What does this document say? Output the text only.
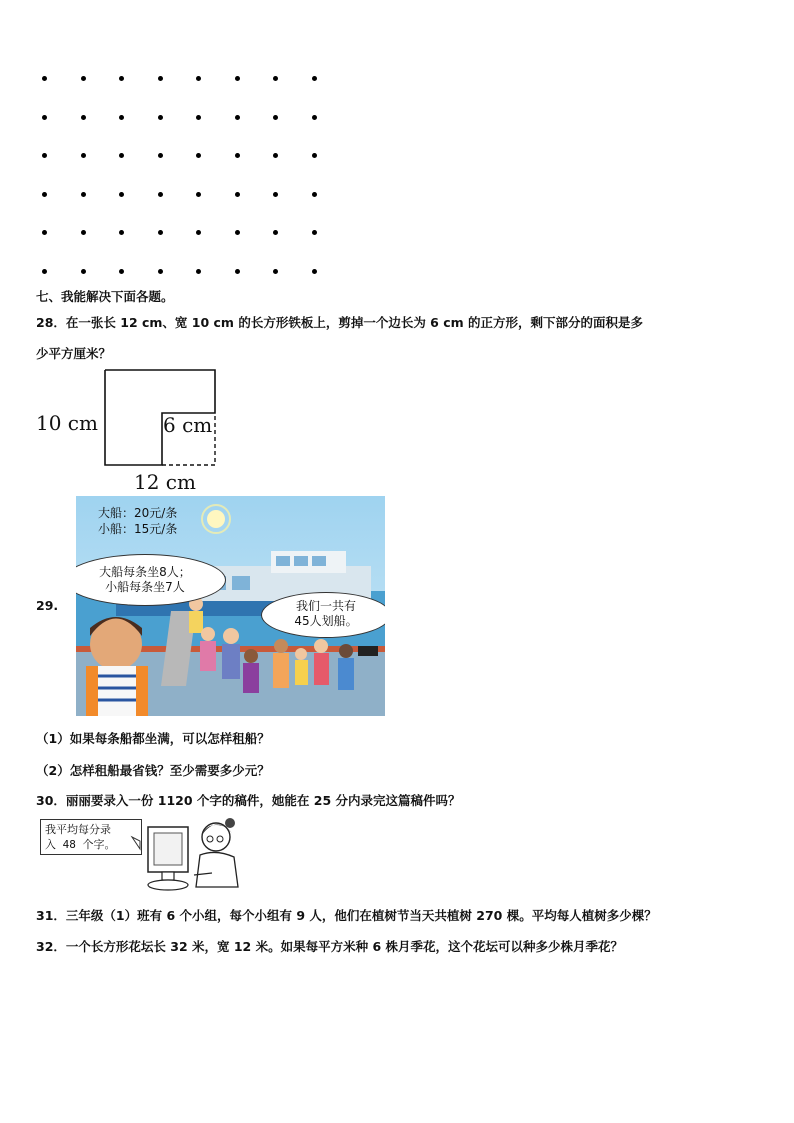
七、我能解决下面各题。
28．在一张长 12 cm、宽 10 cm 的长方形铁板上，剪掉一个边长为 6 cm 的正方形，剩下部分的面积是多
少平方厘米？
10 cm	6 cm
12 cm
29.
大船：20元/条
小船：15元/条
大船每条坐8人；
小船每条坐7人
我们一共有
45人划船。
（1）如果每条船都坐满，可以怎样租船？
（2）怎样租船最省钱？至少需要多少元？
30．丽丽要录入一份 1120 个字的稿件，她能在 25 分内录完这篇稿件吗？
我平均每分录
入 48 个字。
31．三年级（1）班有 6 个小组，每个小组有 9 人，他们在植树节当天共植树 270 棵。平均每人植树多少棵？
32．一个长方形花坛长 32 米，宽 12 米。如果每平方米种 6 株月季花，这个花坛可以种多少株月季花？
